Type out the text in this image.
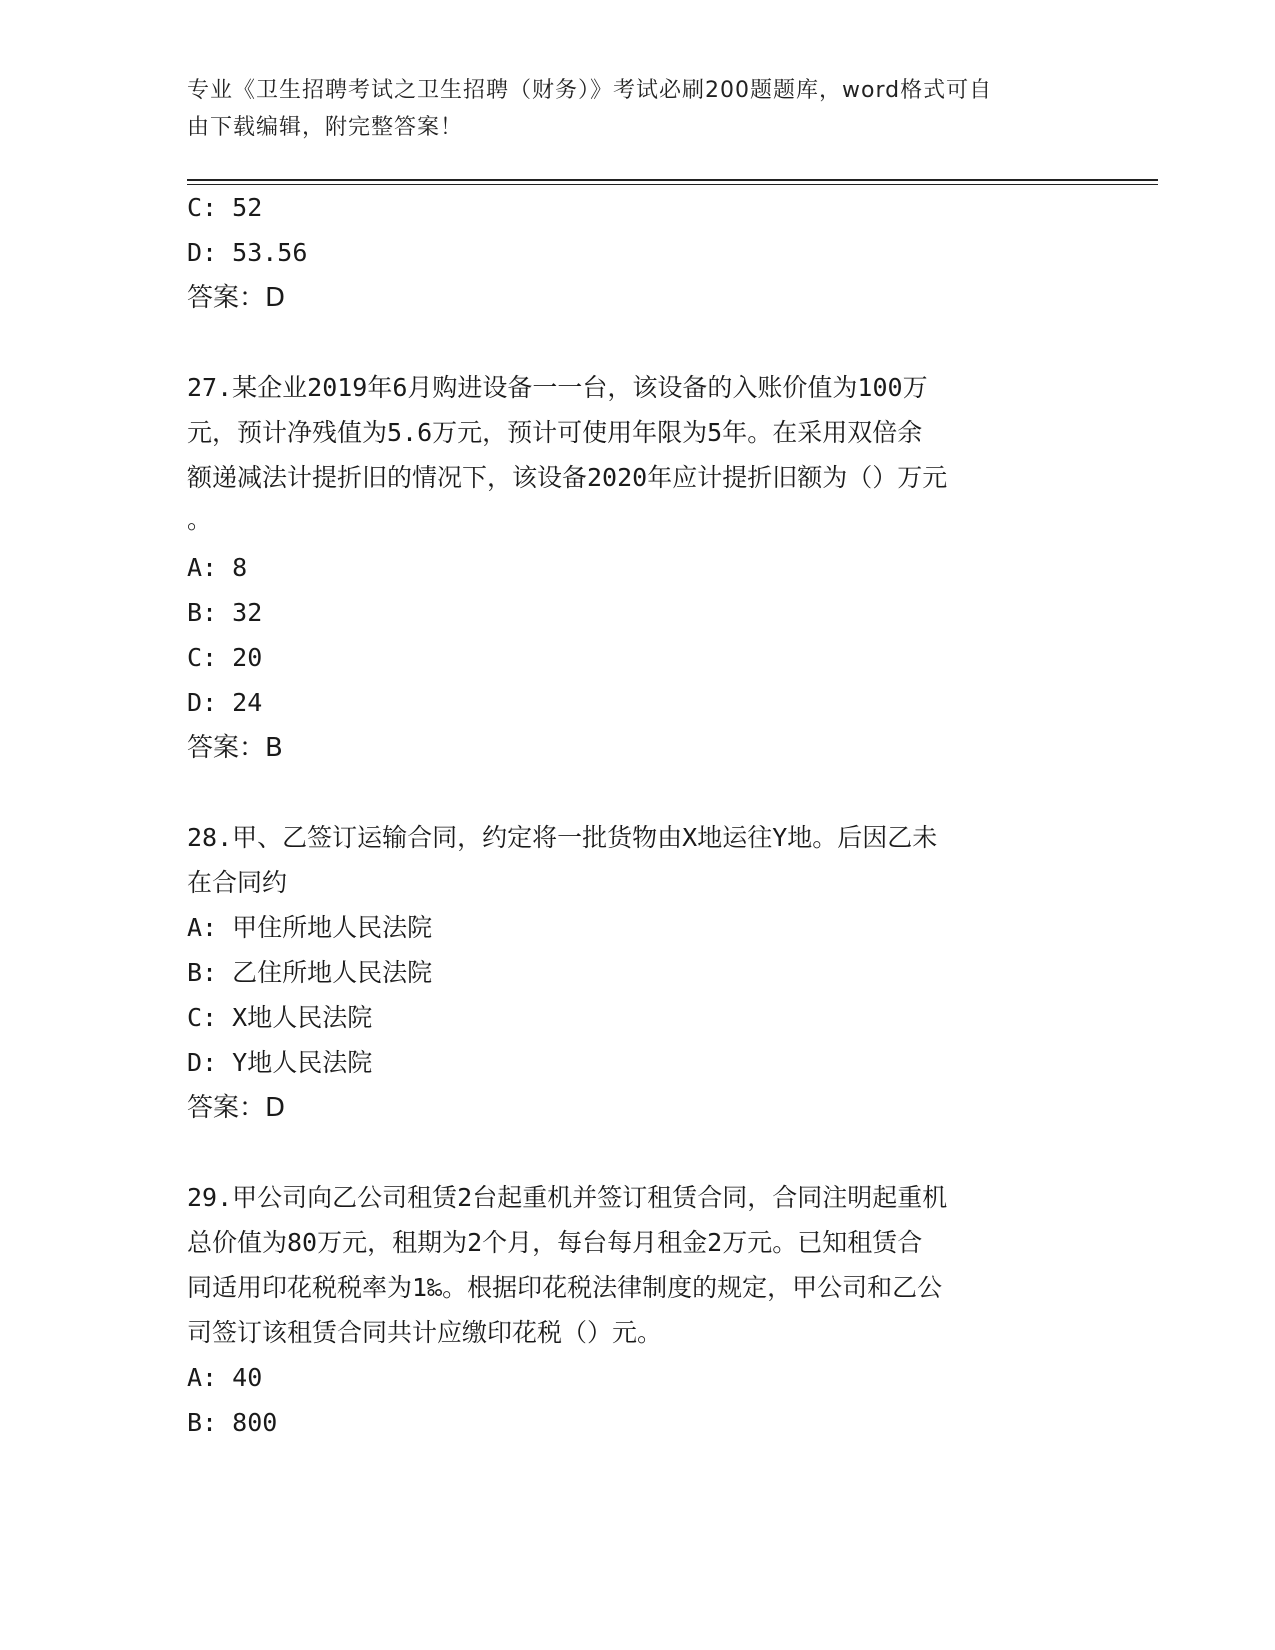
专业《卫生招聘考试之卫生招聘（财务）》考试必刷200题题库，word格式可自
由下载编辑，附完整答案！
C: 52
D: 53.56
答案：D
27.某企业2019年6月购进设备一一台，该设备的入账价值为100万
元，预计净残值为5.6万元，预计可使用年限为5年。在采用双倍余
额递减法计提折旧的情况下，该设备2020年应计提折旧额为（）万元
。
A: 8
B: 32
C: 20
D: 24
答案：B
28.甲、乙签订运输合同，约定将一批货物由X地运往Y地。后因乙未
在合同约
A: 甲住所地人民法院
B: 乙住所地人民法院
C: X地人民法院
D: Y地人民法院
答案：D
29.甲公司向乙公司租赁2台起重机并签订租赁合同，合同注明起重机
总价值为80万元，租期为2个月，每台每月租金2万元。已知租赁合
同适用印花税税率为1‰。根据印花税法律制度的规定，甲公司和乙公
司签订该租赁合同共计应缴印花税（）元。
A: 40
B: 800
